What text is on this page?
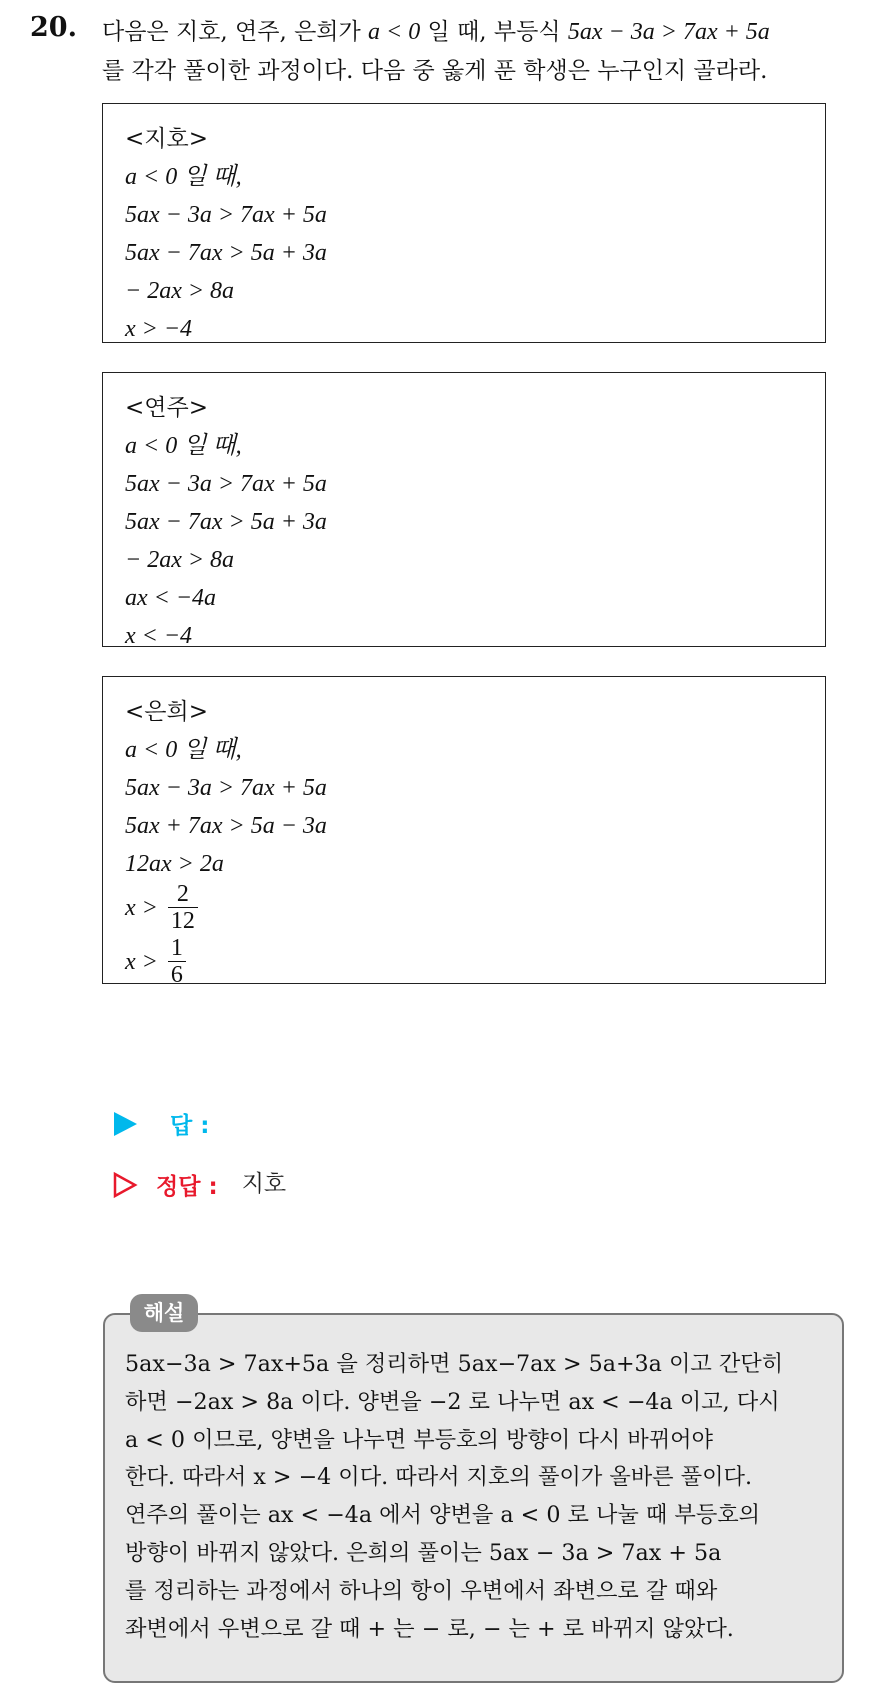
20. 다음은 지호, 연주, 은희가 a < 0 일 때, 부등식 5ax − 3a > 7ax + 5a
를 각각 풀이한 과정이다. 다음 중 옳게 푼 학생은 누구인지 골라라.
<지호>
a < 0 일 때,
5ax − 3a > 7ax + 5a
5ax − 7ax > 5a + 3a
− 2ax > 8a
x > −4
<연주>
a < 0 일 때,
5ax − 3a > 7ax + 5a
5ax − 7ax > 5a + 3a
− 2ax > 8a
ax < −4a
x < −4
<은희>
a < 0 일 때,
5ax − 3a > 7ax + 5a
5ax + 7ax > 5a − 3a
12ax > 2a
$x > \frac{2}{12}$
$x > \frac{1}{6}$
답 :
정답 : 지호
해설

5ax−3a > 7ax+5a 을 정리하면 5ax−7ax > 5a+3a 이고 간단히

하면 −2ax > 8a 이다. 양변을 −2 로 나누면 ax < −4a 이고, 다시

a < 0 이므로, 양변을 나누면 부등호의 방향이 다시 바뀌어야

한다. 따라서 x > −4 이다. 따라서 지호의 풀이가 올바른 풀이다.

연주의 풀이는 ax < −4a 에서 양변을 a < 0 로 나눌 때 부등호의

방향이 바뀌지 않았다. 은희의 풀이는 5ax − 3a > 7ax + 5a

를 정리하는 과정에서 하나의 항이 우변에서 좌변으로 갈 때와

좌변에서 우변으로 갈 때 + 는 − 로, − 는 + 로 바뀌지 않았다.
